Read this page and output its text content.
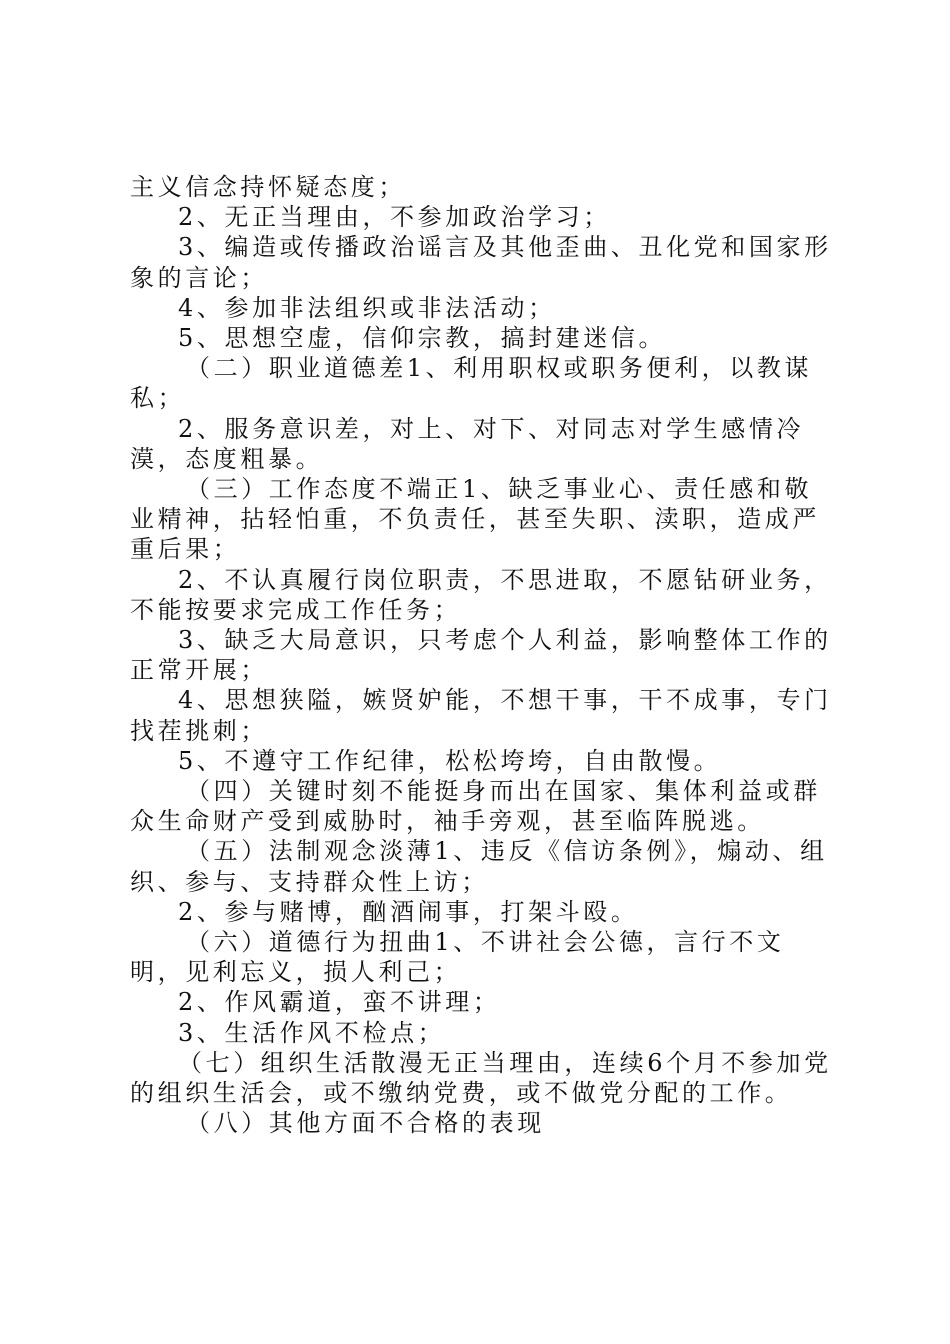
主义信念持怀疑态度；

2、无正当理由，不参加政治学习；

3、编造或传播政治谣言及其他歪曲、丑化党和国家形象的言论；

4、参加非法组织或非法活动；

5、思想空虚，信仰宗教，搞封建迷信。

（二）职业道德差1、利用职权或职务便利，以教谋私；

2、服务意识差，对上、对下、对同志对学生感情冷漠，态度粗暴。

（三）工作态度不端正1、缺乏事业心、责任感和敬业精神，拈轻怕重，不负责任，甚至失职、渎职，造成严重后果；

2、不认真履行岗位职责，不思进取，不愿钻研业务，不能按要求完成工作任务；

3、缺乏大局意识，只考虑个人利益，影响整体工作的正常开展；

4、思想狭隘，嫉贤妒能，不想干事，干不成事，专门找茬挑刺；

5、不遵守工作纪律，松松垮垮，自由散慢。

（四）关键时刻不能挺身而出在国家、集体利益或群众生命财产受到威胁时，袖手旁观，甚至临阵脱逃。

（五）法制观念淡薄1、违反《信访条例》，煽动、组织、参与、支持群众性上访；

2、参与赌博，酗酒闹事，打架斗殴。

（六）道德行为扭曲1、不讲社会公德，言行不文明，见利忘义，损人利己；

2、作风霸道，蛮不讲理；

3、生活作风不检点；

（七）组织生活散漫无正当理由，连续6个月不参加党的组织生活会，或不缴纳党费，或不做党分配的工作。

（八）其他方面不合格的表现
